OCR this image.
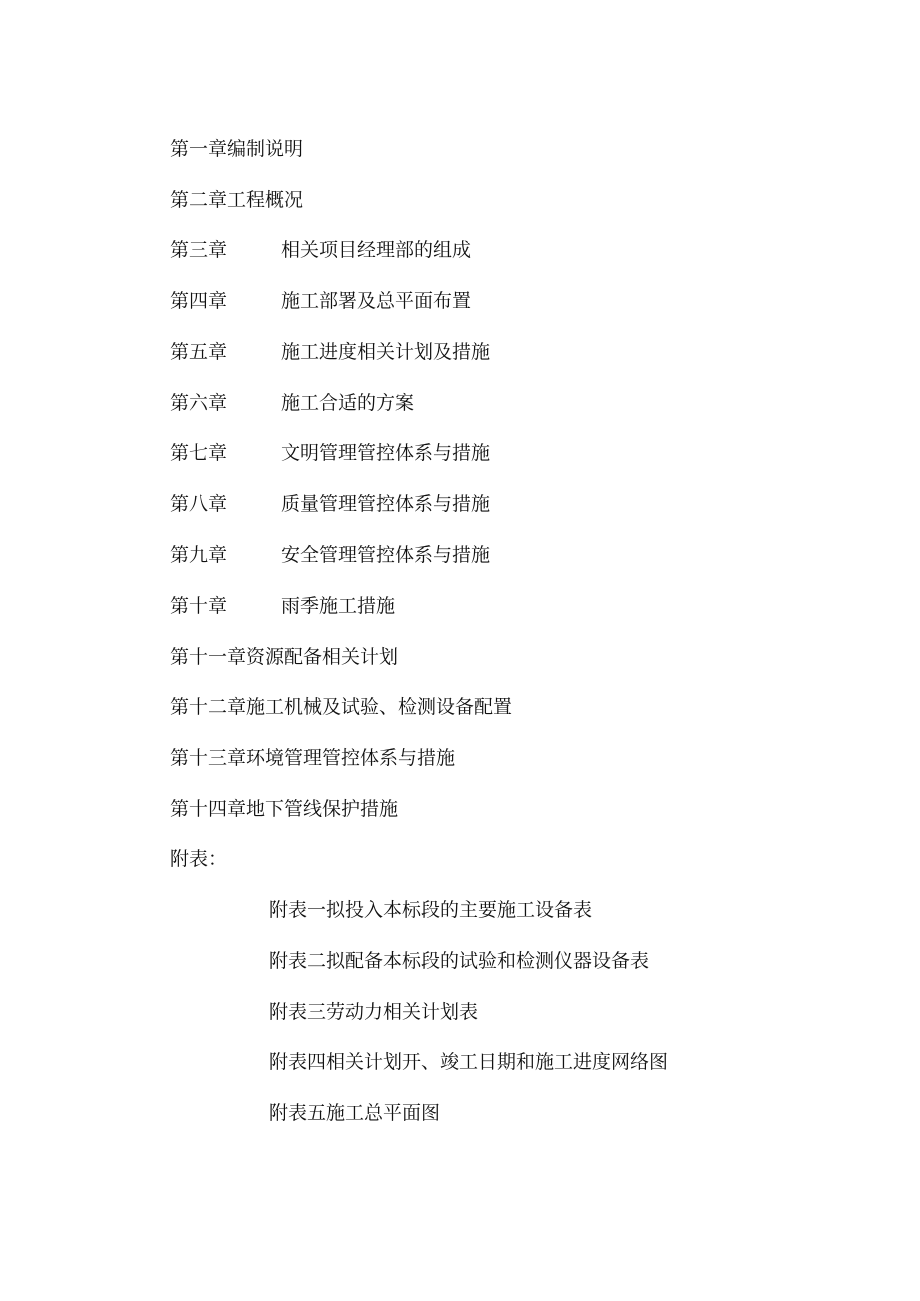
第一章编制说明
第二章工程概况
第三章	相关项目经理部的组成
第四章	施工部署及总平面布置
第五章	施工进度相关计划及措施
第六章	施工合适的方案
第七章	文明管理管控体系与措施
第八章	质量管理管控体系与措施
第九章	安全管理管控体系与措施
第十章	雨季施工措施
第十一章资源配备相关计划
第十二章施工机械及试验、检测设备配置
第十三章环境管理管控体系与措施
第十四章地下管线保护措施
附表：
附表一拟投入本标段的主要施工设备表
附表二拟配备本标段的试验和检测仪器设备表
附表三劳动力相关计划表
附表四相关计划开、竣工日期和施工进度网络图
附表五施工总平面图
